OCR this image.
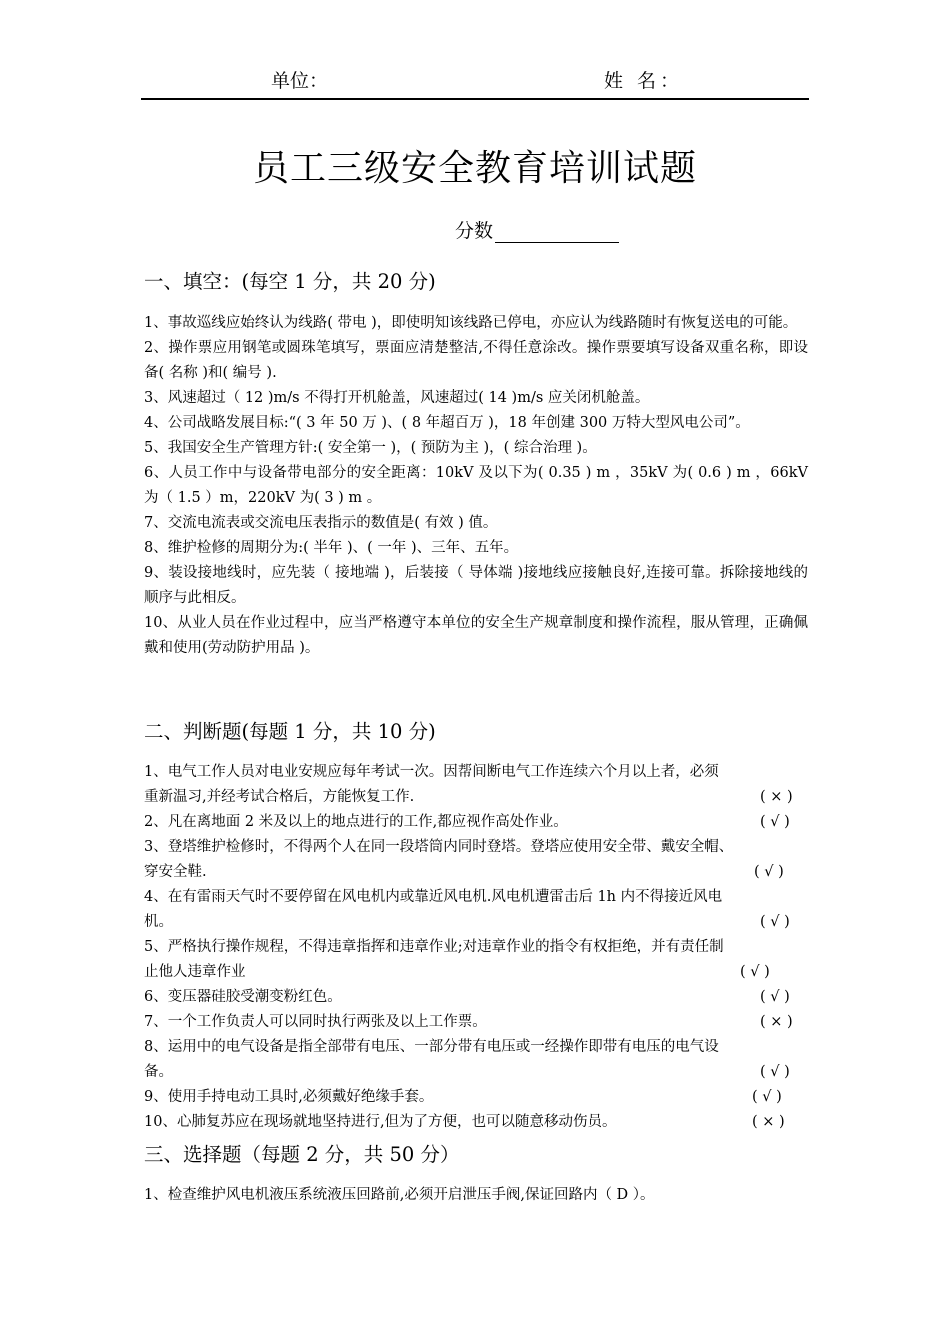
单位：	姓 名：
员工三级安全教育培训试题
分数
一、填空：(每空 1 分，共 20 分)

1、事故巡线应始终认为线路( 带电 )，即使明知该线路已停电，亦应认为线路随时有恢复送电的可能。

2、操作票应用钢笔或圆珠笔填写，票面应清楚整洁,不得任意涂改。操作票要填写设备双重名称，即设备( 名称 )和( 编号 ).

3、风速超过（ 12 )m/s 不得打开机舱盖，风速超过( 14 )m/s 应关闭机舱盖。

4、公司战略发展目标:“( 3 年 50 万 )、( 8 年超百万 )，18 年创建 300 万特大型风电公司”。

5、我国安全生产管理方针:( 安全第一 )，( 预防为主 )，( 综合治理 )。

6、人员工作中与设备带电部分的安全距离：10kV 及以下为( 0.35 ) m ，35kV 为( 0.6 ) m ，66kV 为（ 1.5 ）m，220kV 为( 3 ) m 。

7、交流电流表或交流电压表指示的数值是( 有效 ) 值。

8、维护检修的周期分为:( 半年 )、( 一年 )、三年、五年。

9、装设接地线时，应先装（ 接地端 )，后装接（ 导体端 )接地线应接触良好,连接可靠。拆除接地线的顺序与此相反。

10、从业人员在作业过程中，应当严格遵守本单位的安全生产规章制度和操作流程，服从管理，正确佩戴和使用(劳动防护用品 )。

二、判断题(每题 1 分，共 10 分)
1、电气工作人员对电业安规应每年考试一次。因帮间断电气工作连续六个月以上者，必须
重新温习,并经考试合格后，方能恢复工作.	( × )
2、凡在离地面 2 米及以上的地点进行的工作,都应视作高处作业。	( √ )
3、登塔维护检修时，不得两个人在同一段塔筒内同时登塔。登塔应使用安全带、戴安全帽、
穿安全鞋.	( √ )
4、在有雷雨天气时不要停留在风电机内或靠近风电机.风电机遭雷击后 1h 内不得接近风电
机。	( √ )
5、严格执行操作规程，不得违章指挥和违章作业;对违章作业的指令有权拒绝，并有责任制
止他人违章作业	( √ )
6、变压器硅胶受潮变粉红色。	( √ )
7、一个工作负责人可以同时执行两张及以上工作票。	( × )
8、运用中的电气设备是指全部带有电压、一部分带有电压或一经操作即带有电压的电气设
备。	( √ )
9、使用手持电动工具时,必须戴好绝缘手套。	( √ )
10、心肺复苏应在现场就地坚持进行,但为了方便，也可以随意移动伤员。	( × )
三、选择题（每题 2 分，共 50 分）

1、检查维护风电机液压系统液压回路前,必须开启泄压手阀,保证回路内（ D ）。
